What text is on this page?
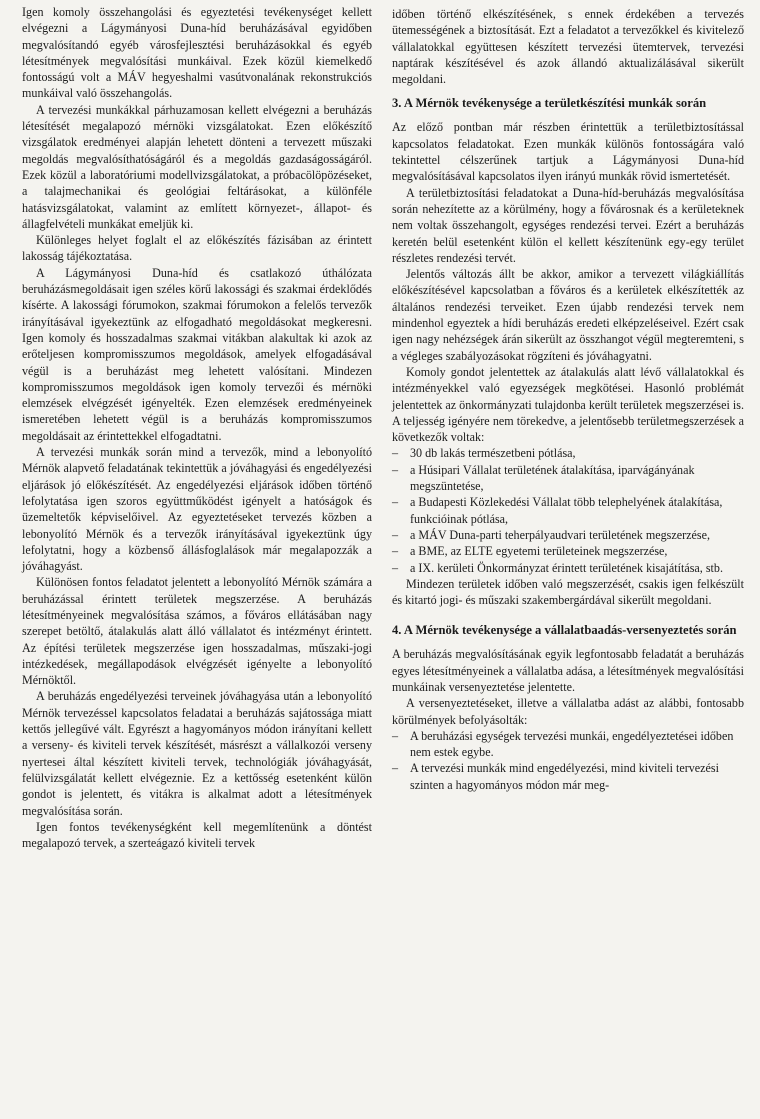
Igen komoly összehangolási és egyeztetési tevékenységet kellett elvégezni a Lágymányosi Duna-híd beruházásával egyidőben megvalósítandó egyéb városfejlesztési beruházásokkal és egyéb létesítmények megvalósítási munkáival. Ezek közül kiemelkedő fontosságú volt a MÁV hegyeshalmi vasútvonalának rekonstrukciós munkáival való összehangolás.

A tervezési munkákkal párhuzamosan kellett elvégezni a beruházás létesítését megalapozó mérnöki vizsgálatokat. Ezen előkészítő vizsgálatok eredményei alapján lehetett dönteni a tervezett műszaki megoldás megvalósíthatóságáról és a megoldás gazdaságosságáról. Ezek közül a laboratóriumi modellvizsgálatokat, a próbacölöpözéseket, a talajmechanikai és geológiai feltárásokat, a különféle hatásvizsgálatokat, valamint az említett környezet-, állapot- és állagfelvételi munkákat emeljük ki.

Különleges helyet foglalt el az előkészítés fázisában az érintett lakosság tájékoztatása.

A Lágymányosi Duna-híd és csatlakozó úthálózata beruházásmegoldásait igen széles körű lakossági és szakmai érdeklődés kísérte. A lakossági fórumokon, szakmai fórumokon a felelős tervezők irányításával igyekeztünk az elfogadható megoldásokat megkeresni. Igen komoly és hosszadalmas szakmai vitákban alakultak ki azok az erőteljesen kompromisszumos megoldások, amelyek elfogadásával végül is a beruházást meg lehetett valósítani. Mindezen kompromisszumos megoldások igen komoly tervezői és mérnöki elemzések elvégzését igényelték. Ezen elemzések eredményeinek ismeretében lehetett végül is a beruházás kompromisszumos megoldásait az érintettekkel elfogadtatni.

A tervezési munkák során mind a tervezők, mind a lebonyolító Mérnök alapvető feladatának tekintettük a jóváhagyási és engedélyezési eljárások jó előkészítését. Az engedélyezési eljárások időben történő lefolytatása igen szoros együttműködést igényelt a hatóságok és üzemeltetők képviselőivel. Az egyeztetéseket tervezés közben a lebonyolító Mérnök és a tervezők irányításával igyekeztünk úgy lefolytatni, hogy a közbenső állásfoglalások már megalapozzák a jóváhagyást.

Különösen fontos feladatot jelentett a lebonyolító Mérnök számára a beruházással érintett területek megszerzése. A beruházás létesítményeinek megvalósítása számos, a főváros ellátásában nagy szerepet betöltő, átalakulás alatt álló vállalatot és intézményt érintett. Az építési területek megszerzése igen hosszadalmas, műszaki-jogi intézkedések, megállapodások elvégzését igényelte a lebonyolító Mérnöktől.

A beruházás engedélyezési terveinek jóváhagyása után a lebonyolító Mérnök tervezéssel kapcsolatos feladatai a beruházás sajátossága miatt kettős jellegűvé vált. Egyrészt a hagyományos módon irányítani kellett a verseny- és kiviteli tervek készítését, másrészt a vállalkozói verseny nyertesei által készített kiviteli tervek, technológiák jóváhagyását, felülvizsgálatát kellett elvégeznie. Ez a kettősség esetenként külön gondot is jelentett, és vitákra is alkalmat adott a létesítmények megvalósítása során.

Igen fontos tevékenységként kell megemlítenünk a döntést megalapozó tervek, a szerteágazó kiviteli tervek

időben történő elkészítésének, s ennek érdekében a tervezés ütemességének a biztosítását. Ezt a feladatot a tervezőkkel és kivitelező vállalatokkal együttesen készített tervezési ütemtervek, tervezési naptárak készítésével és azok állandó aktualizálásával sikerült megoldani.

3. A Mérnök tevékenysége a területkészítési munkák során

Az előző pontban már részben érintettük a területbiztosítással kapcsolatos feladatokat. Ezen munkák különös fontosságára való tekintettel célszerűnek tartjuk a Lágymányosi Duna-híd megvalósításával kapcsolatos ilyen irányú munkák rövid ismertetését.

A területbiztosítási feladatokat a Duna-híd-beruházás megvalósítása során nehezítette az a körülmény, hogy a fővárosnak és a kerületeknek nem voltak összehangolt, egységes rendezési tervei. Ezért a beruházás keretén belül esetenként külön el kellett készítenünk egy-egy terület részletes rendezési tervét.

Jelentős változás állt be akkor, amikor a tervezett világkiállítás előkészítésével kapcsolatban a főváros és a kerületek elkészítették az általános rendezési terveiket. Ezen újabb rendezési tervek nem mindenhol egyeztek a hídi beruházás eredeti elképzeléseivel. Ezért csak igen nagy nehézségek árán sikerült az összhangot végül megteremteni, s a végleges szabályozásokat rögzíteni és jóváhagyatni.

Komoly gondot jelentettek az átalakulás alatt lévő vállalatokkal és intézményekkel való egyezségek megkötései. Hasonló problémát jelentettek az önkormányzati tulajdonba került területek megszerzései is. A teljesség igényére nem törekedve, a jelentősebb területmegszerzések a következők voltak:

– 30 db lakás természetbeni pótlása,
– a Húsipari Vállalat területének átalakítása, iparvágányának megszüntetése,
– a Budapesti Közlekedési Vállalat több telephelyének átalakítása, funkcióinak pótlása,
– a MÁV Duna-parti teherpályaudvari területének megszerzése,
– a BME, az ELTE egyetemi területeinek megszerzése,
– a IX. kerületi Önkormányzat érintett területének kisajátítása, stb.

Mindezen területek időben való megszerzését, csakis igen felkészült és kitartó jogi- és műszaki szakembergárdával sikerült megoldani.

4. A Mérnök tevékenysége a vállalatbaadás-versenyeztetés során

A beruházás megvalósításának egyik legfontosabb feladatát a beruházás egyes létesítményeinek a vállalatba adása, a létesítmények megvalósítási munkáinak versenyeztetése jelentette.

A versenyeztetéseket, illetve a vállalatba adást az alábbi, fontosabb körülmények befolyásolták:

– A beruházási egységek tervezési munkái, engedélyeztetései időben nem estek egybe.
– A tervezési munkák mind engedélyezési, mind kiviteli tervezési szinten a hagyományos módon már meg-
